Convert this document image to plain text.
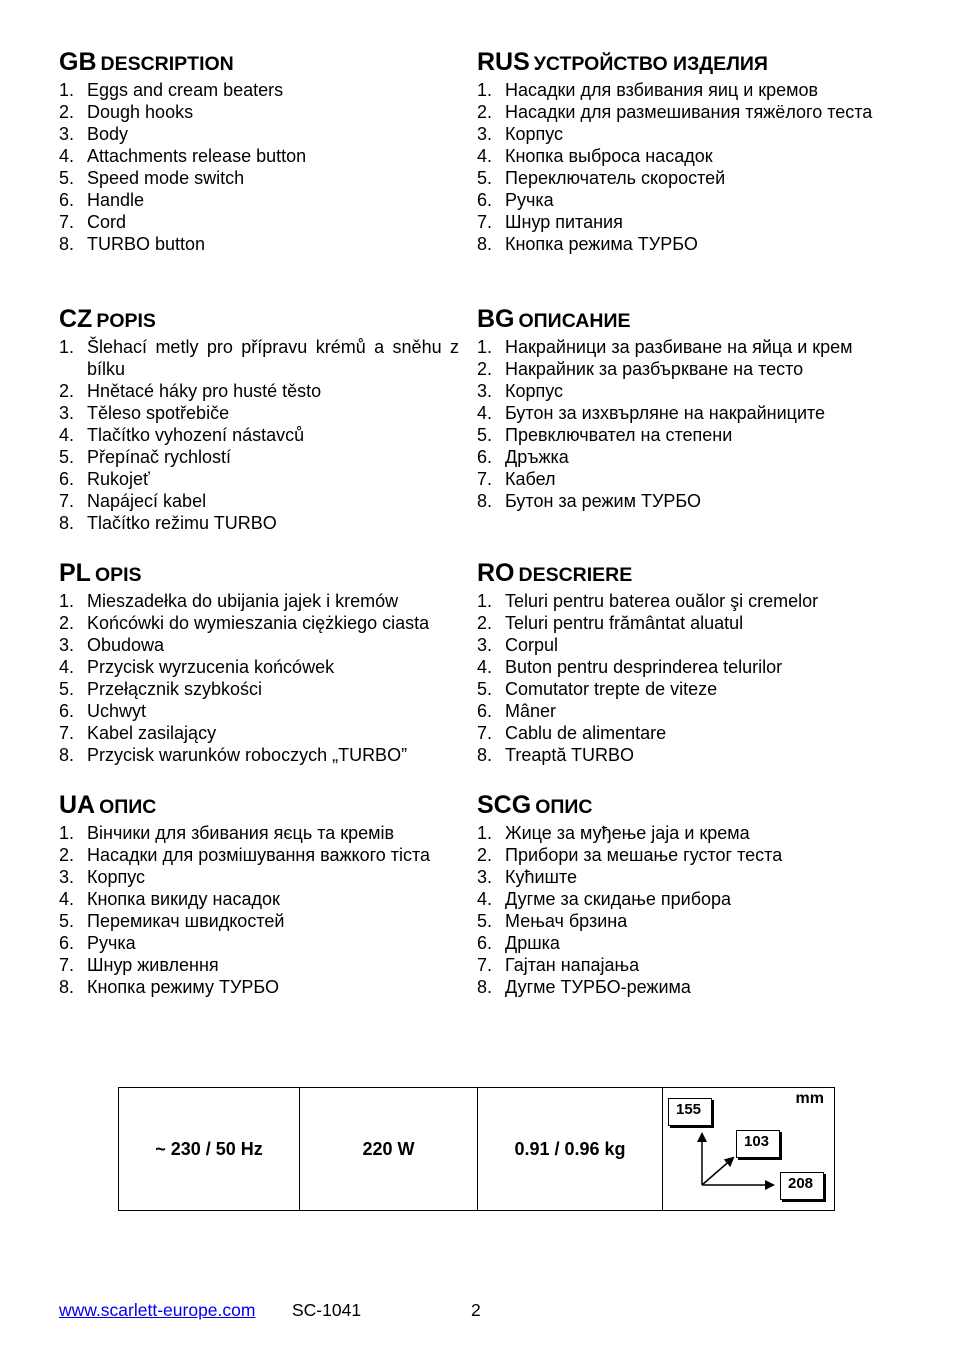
GB DESCRIPTION
1. Eggs and cream beaters
2. Dough hooks
3. Body
4. Attachments release button
5. Speed mode switch
6. Handle
7. Cord
8. TURBO button
RUS УСТРОЙСТВО ИЗДЕЛИЯ
1. Насадки для взбивания яиц и кремов
2. Насадки для размешивания тяжёлого теста
3. Корпус
4. Кнопка выброса насадок
5. Переключатель скоростей
6. Ручка
7. Шнур питания
8. Кнопка режима ТУРБО
CZ POPIS
1. Šlehací metly pro přípravu krémů a sněhu z bílku
2. Hnětacé háky pro husté těsto
3. Těleso spotřebiče
4. Tlačítko vyhození nástavců
5. Přepínač rychlostí
6. Rukojeť
7. Napájecí kabel
8. Tlačítko režimu TURBO
BG ОПИСАНИЕ
1. Накрайници за разбиване на яйца и крем
2. Накрайник за разбъркване на тесто
3. Корпус
4. Бутон за изхвърляне на накрайниците
5. Превключвател на степени
6. Дръжка
7. Кабел
8. Бутон за режим ТУРБО
PL OPIS
1. Mieszadełka do ubijania jajek i kremów
2. Końcówki do wymieszania ciężkiego ciasta
3. Obudowa
4. Przycisk wyrzucenia końcówek
5. Przełącznik szybkości
6. Uchwyt
7. Kabel zasilający
8. Przycisk warunków roboczych „TURBO”
RO DESCRIERE
1. Teluri pentru baterea ouălor şi cremelor
2. Teluri pentru frământat aluatul
3. Corpul
4. Buton pentru desprinderea telurilor
5. Comutator trepte de viteze
6. Mâner
7. Cablu de alimentare
8. Treaptă TURBO
UA ОПИС
1. Вінчики для збивания яєць та кремів
2. Насадки для розмішування важкого тіста
3. Корпус
4. Кнопка викиду насадок
5. Перемикач швидкостей
6. Ручка
7. Шнур живлення
8. Кнопка режиму ТУРБО
SCG ОПИС
1. Жице за муђење јаја и крема
2. Прибори за мешање густог теста
3. Кућиште
4. Дугме за скидање прибора
5. Мењач брзина
6. Дршка
7. Гајтан напајања
8. Дугме ТУРБО-режима
~ 230 / 50 Hz	220 W	0.91 / 0.96 kg	
mm
155
103
208
www.scarlett-europe.com SC-1041	2
